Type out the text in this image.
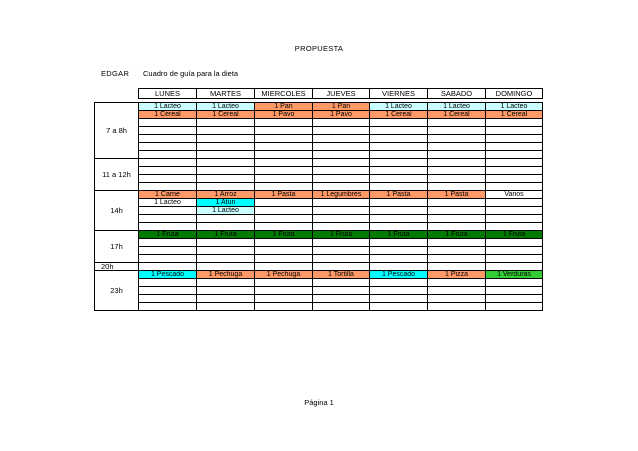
PROPUESTA
EDGAR Cuadro de guía para la dieta
	LUNES	MARTES	MIERCOLES	JUEVES	VIERNES	SABADO	DOMINGO

7 a 8h	1 Lacteo	1 Lacteo	1 Pan	1 Pan	1 Lacteo	1 Lacteo	1 Lacteo
	1 Cereal	1 Cereal	1 Pavo	1 Pavo	1 Cereal	1 Cereal	1 Cereal

11 a 12h							

14h	1 Carne	1 Arroz	1 Pasta	1 Legumbres	1 Pasta	1 Pasta	Varios
	1 Lacteo	1 Atun					
		1 Lacteo					

17h	1 Fruta	1 Fruta	1 Fruta	1 Fruta	1 Fruta	1 Fruta	1 Fruta

20h							
23h	1 Pescado	1 Pechuga	1 Pechuga	1 Tortilla	1 Pescado	1 Pizza	1 Verduras

Página 1
